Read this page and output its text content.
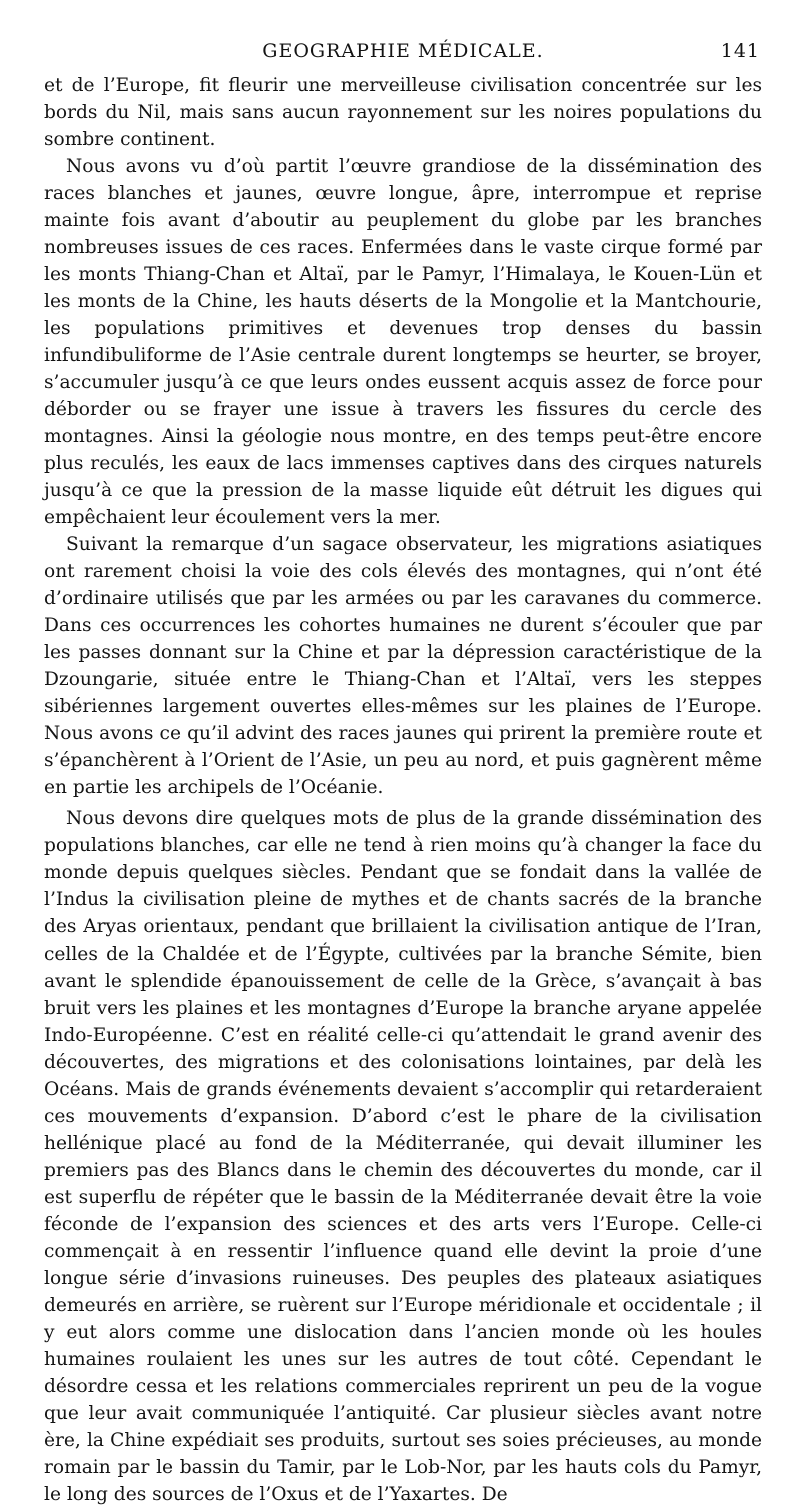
GEOGRAPHIE MÉDICALE.	141

et de l’Europe, fit fleurir une merveilleuse civilisation concentrée sur les bords du Nil, mais sans aucun rayonnement sur les noires populations du sombre continent.

Nous avons vu d’où partit l’œuvre grandiose de la dissémination des races blanches et jaunes, œuvre longue, âpre, interrompue et reprise mainte fois avant d’aboutir au peuplement du globe par les branches nombreuses issues de ces races. Enfermées dans le vaste cirque formé par les monts Thiang-Chan et Altaï, par le Pamyr, l’Himalaya, le Kouen-Lün et les monts de la Chine, les hauts déserts de la Mongolie et la Mantchourie, les populations primitives et devenues trop denses du bassin infundibuliforme de l’Asie centrale durent longtemps se heurter, se broyer, s’accumuler jusqu’à ce que leurs ondes eussent acquis assez de force pour déborder ou se frayer une issue à travers les fissures du cercle des montagnes. Ainsi la géologie nous montre, en des temps peut-être encore plus reculés, les eaux de lacs immenses captives dans des cirques naturels jusqu’à ce que la pression de la masse liquide eût détruit les digues qui empêchaient leur écoulement vers la mer.

Suivant la remarque d’un sagace observateur, les migrations asiatiques ont rarement choisi la voie des cols élevés des montagnes, qui n’ont été d’ordinaire utilisés que par les armées ou par les caravanes du commerce. Dans ces occurrences les cohortes humaines ne durent s’écouler que par les passes donnant sur la Chine et par la dépression caractéristique de la Dzoungarie, située entre le Thiang-Chan et l’Altaï, vers les steppes sibériennes largement ouvertes elles-mêmes sur les plaines de l’Europe. Nous avons ce qu’il advint des races jaunes qui prirent la première route et s’épanchèrent à l’Orient de l’Asie, un peu au nord, et puis gagnèrent même en partie les archipels de l’Océanie.

Nous devons dire quelques mots de plus de la grande dissémination des populations blanches, car elle ne tend à rien moins qu’à changer la face du monde depuis quelques siècles. Pendant que se fondait dans la vallée de l’Indus la civilisation pleine de mythes et de chants sacrés de la branche des Aryas orientaux, pendant que brillaient la civilisation antique de l’Iran, celles de la Chaldée et de l’Égypte, cultivées par la branche Sémite, bien avant le splendide épanouissement de celle de la Grèce, s’avançait à bas bruit vers les plaines et les montagnes d’Europe la branche aryane appelée Indo-Européenne. C’est en réalité celle-ci qu’attendait le grand avenir des découvertes, des migrations et des colonisations lointaines, par delà les Océans. Mais de grands événements devaient s’accomplir qui retarderaient ces mouvements d’expansion. D’abord c’est le phare de la civilisation hellénique placé au fond de la Méditerranée, qui devait illuminer les premiers pas des Blancs dans le chemin des découvertes du monde, car il est superflu de répéter que le bassin de la Méditerranée devait être la voie féconde de l’expansion des sciences et des arts vers l’Europe. Celle-ci commençait à en ressentir l’influence quand elle devint la proie d’une longue série d’invasions ruineuses. Des peuples des plateaux asiatiques demeurés en arrière, se ruèrent sur l’Europe méridionale et occidentale ; il y eut alors comme une dislocation dans l’ancien monde où les houles humaines roulaient les unes sur les autres de tout côté. Cependant le désordre cessa et les relations commerciales reprirent un peu de la vogue que leur avait communiquée l’antiquité. Car plusieur siècles avant notre ère, la Chine expédiait ses produits, surtout ses soies précieuses, au monde romain par le bassin du Tamir, par le Lob-Nor, par les hauts cols du Pamyr, le long des sources de l’Oxus et de l’Yaxartes. De
